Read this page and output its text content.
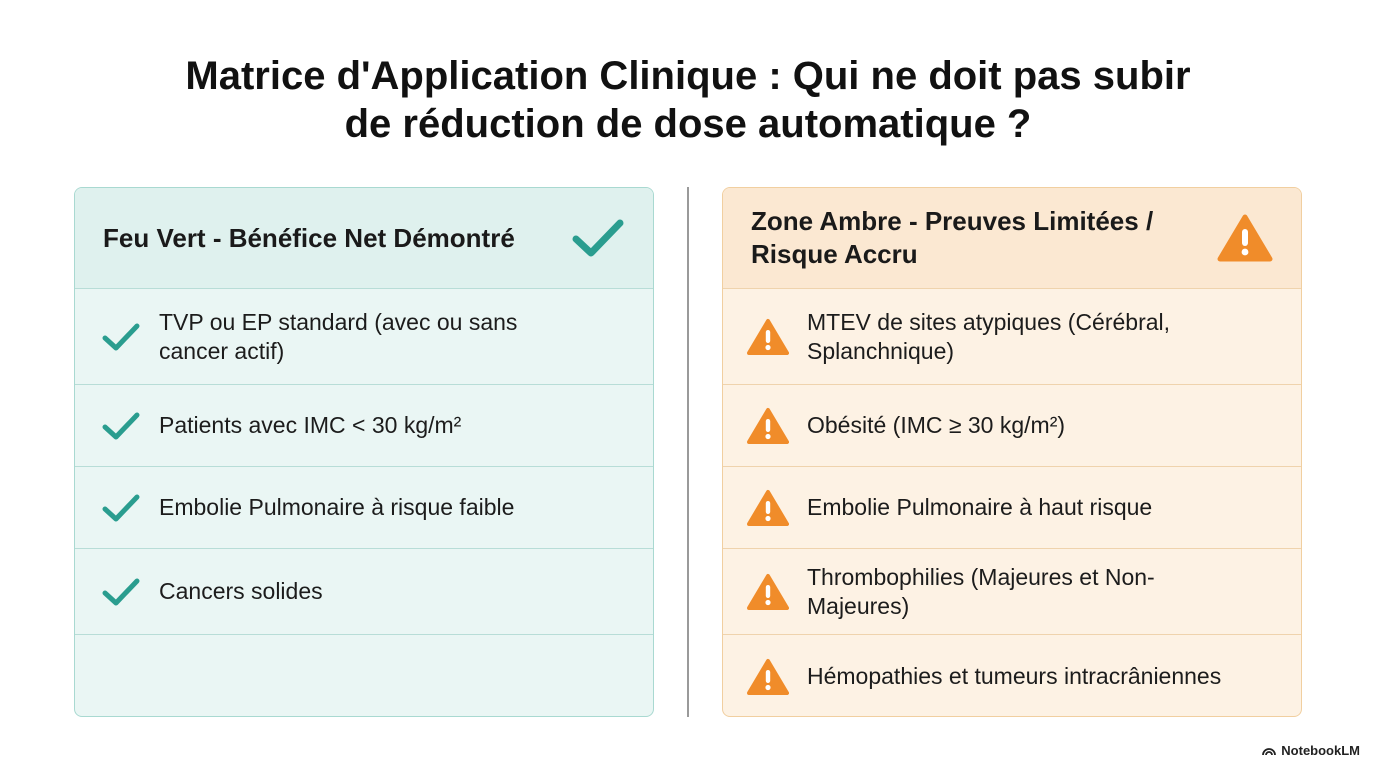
Matrice d'Application Clinique : Qui ne doit pas subir
de réduction de dose automatique ?
Feu Vert - Bénéfice Net Démontré
TVP ou EP standard (avec ou sans cancer actif)
Patients avec IMC < 30 kg/m²
Embolie Pulmonaire à risque faible
Cancers solides
Zone Ambre - Preuves Limitées / Risque Accru
MTEV de sites atypiques (Cérébral, Splanchnique)
Obésité (IMC ≥ 30 kg/m²)
Embolie Pulmonaire à haut risque
Thrombophilies (Majeures et Non-Majeures)
Hémopathies et tumeurs intracrâniennes
NotebookLM
